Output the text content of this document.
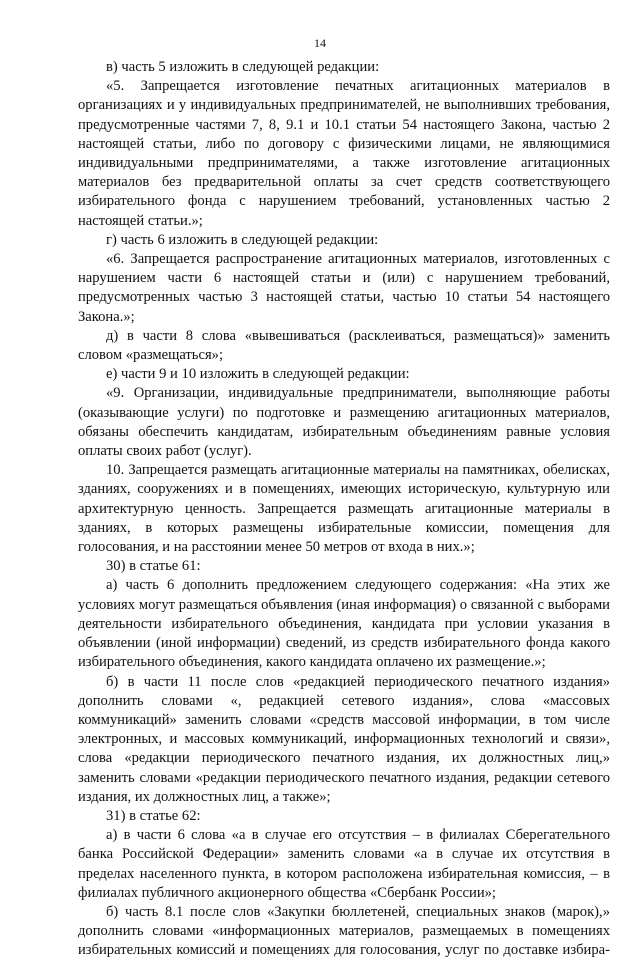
14

в) часть 5 изложить в следующей редакции:

«5. Запрещается изготовление печатных агитационных материалов в организациях и у индивидуальных предпринимателей, не выполнивших требования, предусмотренные частями 7, 8, 9.1 и 10.1 статьи 54 настоящего Закона, частью 2 настоящей статьи, либо по договору с физическими лицами, не являющимися индивидуальными предпринимателями, а также изготовление агитационных материалов без предварительной оплаты за счет средств соответствующего избирательного фонда с нарушением требований, установленных частью 2 настоящей статьи.»;

г) часть 6 изложить в следующей редакции:

«6. Запрещается распространение агитационных материалов, изготовленных с нарушением части 6 настоящей статьи и (или) с нарушением требований, предусмотренных частью 3 настоящей статьи, частью 10 статьи 54 настоящего Закона.»;

д) в части 8 слова «вывешиваться (расклеиваться, размещаться)» заменить словом «размещаться»;

е) части 9 и 10 изложить в следующей редакции:

«9. Организации, индивидуальные предприниматели, выполняющие работы (оказывающие услуги) по подготовке и размещению агитационных материалов, обязаны обеспечить кандидатам, избирательным объединениям равные условия оплаты своих работ (услуг).

10. Запрещается размещать агитационные материалы на памятниках, обелисках, зданиях, сооружениях и в помещениях, имеющих историческую, культурную или архитектурную ценность. Запрещается размещать агитационные материалы в зданиях, в которых размещены избирательные комиссии, помещения для голосования, и на расстоянии менее 50 метров от входа в них.»;

30) в статье 61:

а) часть 6 дополнить предложением следующего содержания: «На этих же условиях могут размещаться объявления (иная информация) о связанной с выборами деятельности избирательного объединения, кандидата при условии указания в объявлении (иной информации) сведений, из средств избирательного фонда какого избирательного объединения, какого кандидата оплачено их размещение.»;

б) в части 11 после слов «редакцией периодического печатного издания» дополнить словами «, редакцией сетевого издания», слова «массовых коммуникаций» заменить словами «средств массовой информации, в том числе электронных, и массовых коммуникаций, информационных технологий и связи», слова «редакции периодического печатного издания, их должностных лиц,» заменить словами «редакции периодического печатного издания, редакции сетевого издания, их должностных лиц, а также»;

31) в статье 62:

а) в части 6 слова «а в случае его отсутствия – в филиалах Сберегательного банка Российской Федерации» заменить словами «а в случае их отсутствия в пределах населенного пункта, в котором расположена избирательная комиссия, – в филиалах публичного акционерного общества «Сбербанк России»;

б) часть 8.1 после слов «Закупки бюллетеней, специальных знаков (марок),» дополнить словами «информационных материалов, размещаемых в помещениях избирательных комиссий и помещениях для голосования, услуг по доставке избира-
